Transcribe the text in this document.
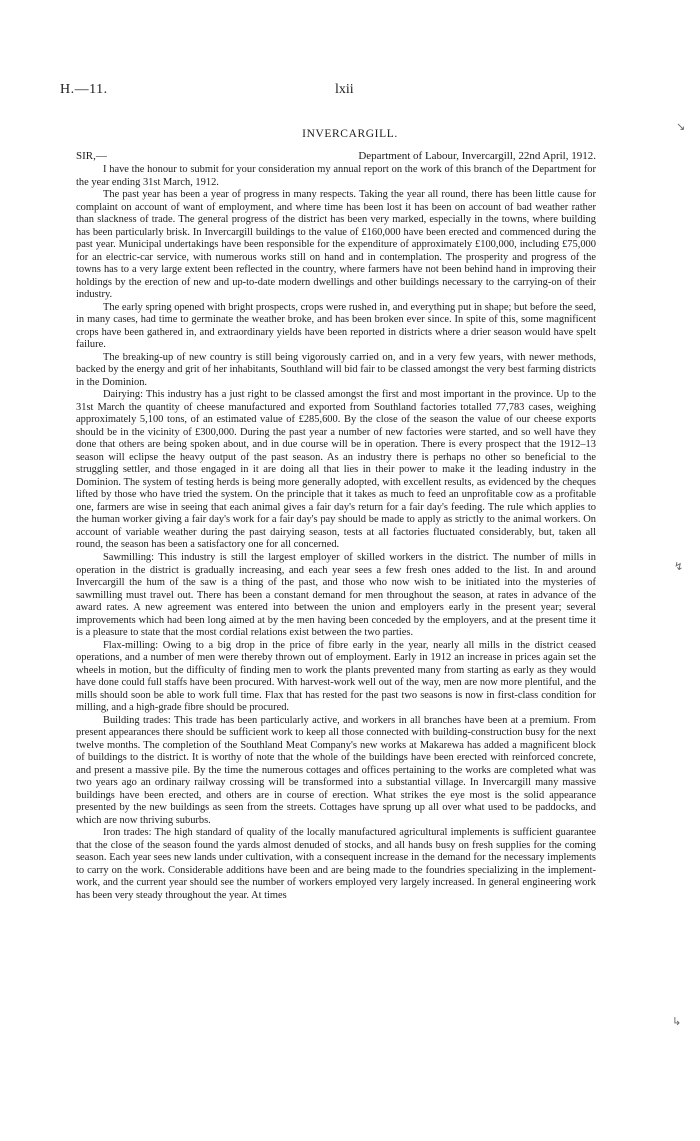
H.—11.	lxii
INVERCARGILL.
SIR,—	Department of Labour, Invercargill, 22nd April, 1912.

I have the honour to submit for your consideration my annual report on the work of this branch of the Department for the year ending 31st March, 1912.

The past year has been a year of progress in many respects. Taking the year all round, there has been little cause for complaint on account of want of employment, and where time has been lost it has been on account of bad weather rather than slackness of trade. The general progress of the district has been very marked, especially in the towns, where building has been particularly brisk. In Invercargill buildings to the value of £160,000 have been erected and commenced during the past year. Municipal undertakings have been responsible for the expenditure of approximately £100,000, including £75,000 for an electric-car service, with numerous works still on hand and in contemplation. The prosperity and progress of the towns has to a very large extent been reflected in the country, where farmers have not been behind hand in improving their holdings by the erection of new and up-to-date modern dwellings and other buildings necessary to the carrying-on of their industry.

The early spring opened with bright prospects, crops were rushed in, and everything put in shape; but before the seed, in many cases, had time to germinate the weather broke, and has been broken ever since. In spite of this, some magnificent crops have been gathered in, and extraordinary yields have been reported in districts where a drier season would have spelt failure.

The breaking-up of new country is still being vigorously carried on, and in a very few years, with newer methods, backed by the energy and grit of her inhabitants, Southland will bid fair to be classed amongst the very best farming districts in the Dominion.

Dairying: This industry has a just right to be classed amongst the first and most important in the province. Up to the 31st March the quantity of cheese manufactured and exported from Southland factories totalled 77,783 cases, weighing approximately 5,100 tons, of an estimated value of £285,600. By the close of the season the value of our cheese exports should be in the vicinity of £300,000. During the past year a number of new factories were started, and so well have they done that others are being spoken about, and in due course will be in operation. There is every prospect that the 1912–13 season will eclipse the heavy output of the past season. As an industry there is perhaps no other so beneficial to the struggling settler, and those engaged in it are doing all that lies in their power to make it the leading industry in the Dominion. The system of testing herds is being more generally adopted, with excellent results, as evidenced by the cheques lifted by those who have tried the system. On the principle that it takes as much to feed an unprofitable cow as a profitable one, farmers are wise in seeing that each animal gives a fair day's return for a fair day's feeding. The rule which applies to the human worker giving a fair day's work for a fair day's pay should be made to apply as strictly to the animal workers. On account of variable weather during the past dairying season, tests at all factories fluctuated considerably, but, taken all round, the season has been a satisfactory one for all concerned.

Sawmilling: This industry is still the largest employer of skilled workers in the district. The number of mills in operation in the district is gradually increasing, and each year sees a few fresh ones added to the list. In and around Invercargill the hum of the saw is a thing of the past, and those who now wish to be initiated into the mysteries of sawmilling must travel out. There has been a constant demand for men throughout the season, at rates in advance of the award rates. A new agreement was entered into between the union and employers early in the present year; several improvements which had been long aimed at by the men having been conceded by the employers, and at the present time it is a pleasure to state that the most cordial relations exist between the two parties.

Flax-milling: Owing to a big drop in the price of fibre early in the year, nearly all mills in the district ceased operations, and a number of men were thereby thrown out of employment. Early in 1912 an increase in prices again set the wheels in motion, but the difficulty of finding men to work the plants prevented many from starting as early as they would have done could full staffs have been procured. With harvest-work well out of the way, men are now more plentiful, and the mills should soon be able to work full time. Flax that has rested for the past two seasons is now in first-class condition for milling, and a high-grade fibre should be procured.

Building trades: This trade has been particularly active, and workers in all branches have been at a premium. From present appearances there should be sufficient work to keep all those connected with building-construction busy for the next twelve months. The completion of the Southland Meat Company's new works at Makarewa has added a magnificent block of buildings to the district. It is worthy of note that the whole of the buildings have been erected with reinforced concrete, and present a massive pile. By the time the numerous cottages and offices pertaining to the works are completed what was two years ago an ordinary railway crossing will be transformed into a substantial village. In Invercargill many massive buildings have been erected, and others are in course of erection. What strikes the eye most is the solid appearance presented by the new buildings as seen from the streets. Cottages have sprung up all over what used to be paddocks, and which are now thriving suburbs.

Iron trades: The high standard of quality of the locally manufactured agricultural implements is sufficient guarantee that the close of the season found the yards almost denuded of stocks, and all hands busy on fresh supplies for the coming season. Each year sees new lands under cultivation, with a consequent increase in the demand for the necessary implements to carry on the work. Considerable additions have been and are being made to the foundries specializing in the implement-work, and the current year should see the number of workers employed very largely increased. In general engineering work has been very steady throughout the year. At times

↘
↯
↳
